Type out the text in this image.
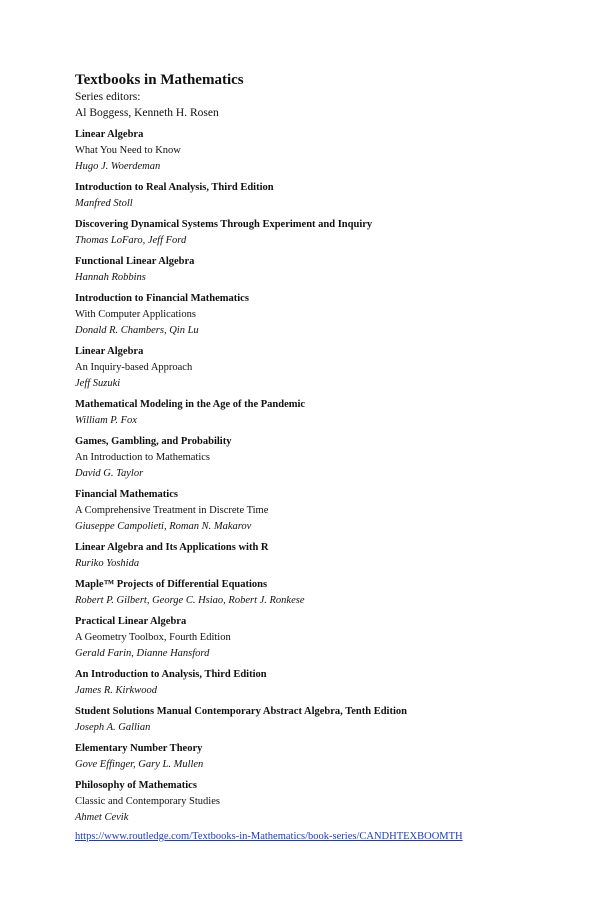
Textbooks in Mathematics

Series editors:

Al Boggess, Kenneth H. Rosen

Linear Algebra

What You Need to Know

Hugo J. Woerdeman

Introduction to Real Analysis, Third Edition

Manfred Stoll

Discovering Dynamical Systems Through Experiment and Inquiry

Thomas LoFaro, Jeff Ford

Functional Linear Algebra

Hannah Robbins

Introduction to Financial Mathematics

With Computer Applications

Donald R. Chambers, Qin Lu

Linear Algebra

An Inquiry-based Approach

Jeff Suzuki

Mathematical Modeling in the Age of the Pandemic

William P. Fox

Games, Gambling, and Probability

An Introduction to Mathematics

David G. Taylor

Financial Mathematics

A Comprehensive Treatment in Discrete Time

Giuseppe Campolieti, Roman N. Makarov

Linear Algebra and Its Applications with R

Ruriko Yoshida

Maple™ Projects of Differential Equations

Robert P. Gilbert, George C. Hsiao, Robert J. Ronkese

Practical Linear Algebra

A Geometry Toolbox, Fourth Edition

Gerald Farin, Dianne Hansford

An Introduction to Analysis, Third Edition

James R. Kirkwood

Student Solutions Manual Contemporary Abstract Algebra, Tenth Edition

Joseph A. Gallian

Elementary Number Theory

Gove Effinger, Gary L. Mullen

Philosophy of Mathematics

Classic and Contemporary Studies

Ahmet Cevik

https://www.routledge.com/Textbooks-in-Mathematics/book-series/CANDHTEXBOOMTH
